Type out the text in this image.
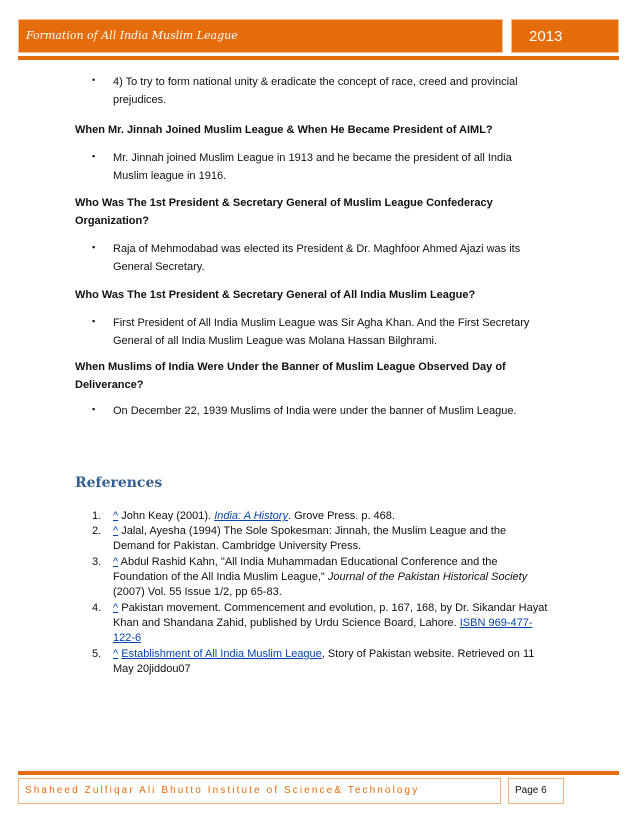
Formation of All India Muslim League	2013
• 4) To try to form national unity & eradicate the concept of race, creed and provincial prejudices.
When Mr. Jinnah Joined Muslim League & When He Became President of AIML?
▪ Mr. Jinnah joined Muslim League in 1913 and he became the president of all India Muslim league in 1916.
Who Was The 1st President & Secretary General of Muslim League Confederacy Organization?
▪ Raja of Mehmodabad was elected its President & Dr. Maghfoor Ahmed Ajazi was its General Secretary.
Who Was The 1st President & Secretary General of All India Muslim League?
▪ First President of All India Muslim League was Sir Agha Khan. And the First Secretary General of all India Muslim League was Molana Hassan Bilghrami.
When Muslims of India Were Under the Banner of Muslim League Observed Day of Deliverance?
▪ On December 22, 1939 Muslims of India were under the banner of Muslim League.
References
1. ^ John Keay (2001). India: A History. Grove Press. p. 468.
2. ^ Jalal, Ayesha (1994) The Sole Spokesman: Jinnah, the Muslim League and the Demand for Pakistan. Cambridge University Press.
3. ^ Abdul Rashid Kahn, "All India Muhammadan Educational Conference and the Foundation of the All India Muslim League," Journal of the Pakistan Historical Society (2007) Vol. 55 Issue 1/2, pp 65-83.
4. ^ Pakistan movement. Commencement and evolution, p. 167, 168, by Dr. Sikandar Hayat Khan and Shandana Zahid, published by Urdu Science Board, Lahore. ISBN 969-477-122-6
5. ^ Establishment of All India Muslim League, Story of Pakistan website. Retrieved on 11 May 20jiddou07
Shaheed Zulfiqar Ali Bhutto Institute of Science& Technology	Page 6
